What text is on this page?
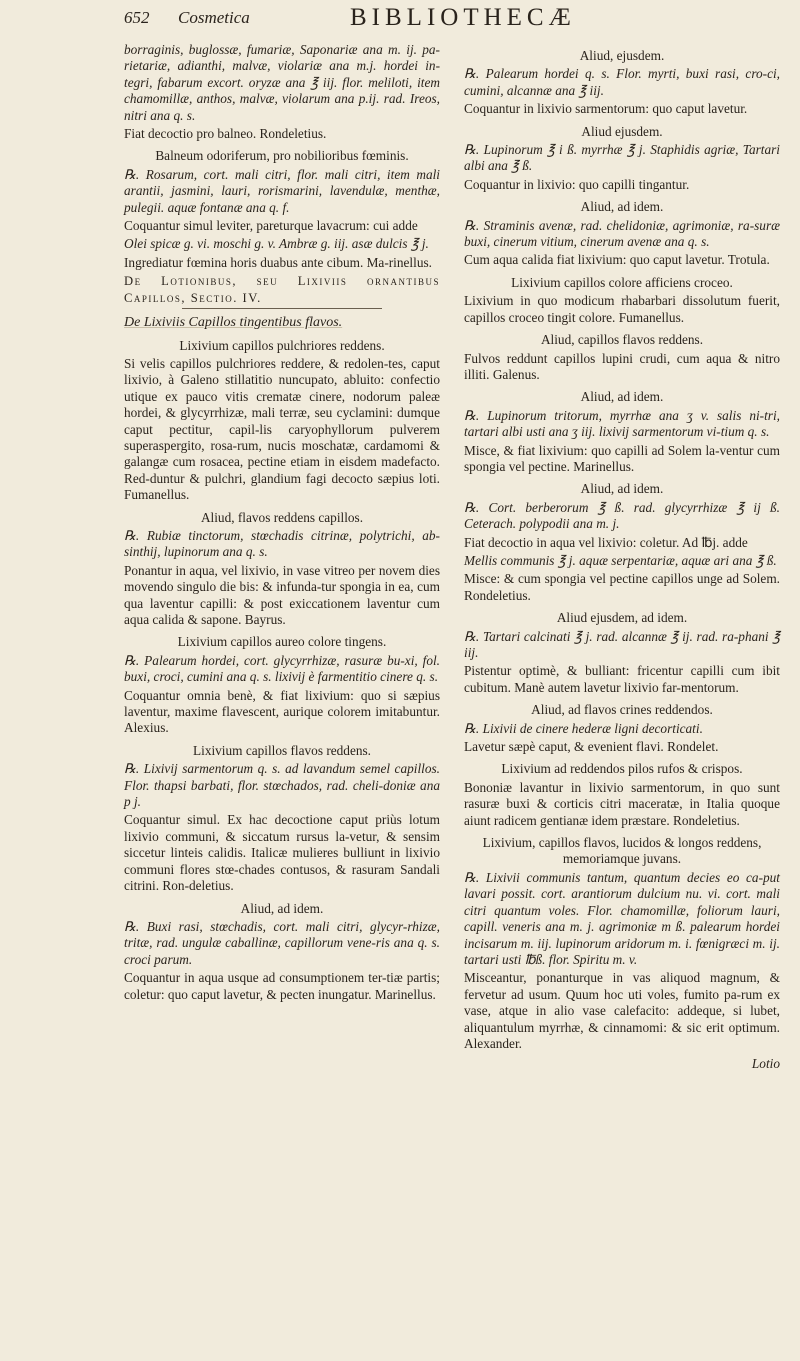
652 Cosmetica	BIBLIOTHECÆ

borraginis, buglossæ, fumariæ, Saponariæ ana m. ij. pa-rietariæ, adianthi, malvæ, violariæ ana m.j. hordei in-tegri, fabarum excort. oryzæ ana ℥ iij. flor. meliloti, item chamomillæ, anthos, malvæ, violarum ana p.ij. rad. Ireos, nitri ana q. s.

Fiat decoctio pro balneo. Rondeletius.

Balneum odoriferum, pro nobilioribus fœminis.

℞. Rosarum, cort. mali citri, flor. mali citri, item mali arantii, jasmini, lauri, rorismarini, lavendulæ, menthæ, pulegii. aquæ fontanæ ana q. f.

Coquantur simul leviter, pareturque lavacrum: cui adde

Olei spicæ g. vi. moschi g. v. Ambræ g. iij. asæ dulcis ℥ j.

Ingrediatur fœmina horis duabus ante cibum. Ma-rinellus.

De Lotionibus, seu Lixiviis ornantibus Capillos, Sectio. IV.

De Lixiviis Capillos tingentibus flavos.

Lixivium capillos pulchriores reddens.

Si velis capillos pulchriores reddere, & redolen-tes, caput lixivio, à Galeno stillatitio nuncupato, abluito: confectio utique ex pauco vitis crematæ cinere, nodorum paleæ hordei, & glycyrrhizæ, mali terræ, seu cyclamini: dumque caput pectitur, capil-lis caryophyllorum pulverem superaspergito, rosa-rum, nucis moschatæ, cardamomi & galangæ cum rosacea, pectine etiam in eisdem madefacto. Red-duntur & pulchri, glandium fagi decocto sæpius loti. Fumanellus.

Aliud, flavos reddens capillos.

℞. Rubiæ tinctorum, stœchadis citrinæ, polytrichi, ab-sinthij, lupinorum ana q. s.

Ponantur in aqua, vel lixivio, in vase vitreo per novem dies movendo singulo die bis: & infunda-tur spongia in ea, cum qua laventur capilli: & post exiccationem laventur cum aqua calida & sapone. Bayrus.

Lixivium capillos aureo colore tingens.

℞. Palearum hordei, cort. glycyrrhizæ, rasuræ bu-xi, fol. buxi, croci, cumini ana q. s. lixivij è farmentitio cinere q. s.

Coquantur omnia benè, & fiat lixivium: quo si sæpius laventur, maxime flavescent, aurique colorem imitabuntur. Alexius.

Lixivium capillos flavos reddens.

℞. Lixivij sarmentorum q. s. ad lavandum semel capillos. Flor. thapsi barbati, flor. stœchados, rad. cheli-doniæ ana p j.

Coquantur simul. Ex hac decoctione caput priùs lotum lixivio communi, & siccatum rursus la-vetur, & sensim siccetur linteis calidis. Italicæ mulieres bulliunt in lixivio communi flores stœ-chades contusos, & rasuram Sandali citrini. Ron-deletius.

Aliud, ad idem.

℞. Buxi rasi, stœchadis, cort. mali citri, glycyr-rhizæ, tritæ, rad. ungulæ caballinæ, capillorum vene-ris ana q. s. croci parum.

Coquantur in aqua usque ad consumptionem ter-tiæ partis; coletur: quo caput lavetur, & pecten inungatur. Marinellus.

Aliud, ejusdem.

℞. Palearum hordei q. s. Flor. myrti, buxi rasi, cro-ci, cumini, alcannæ ana ℥ iij.

Coquantur in lixivio sarmentorum: quo caput lavetur.

Aliud ejusdem.

℞. Lupinorum ℥ i ß. myrrhæ ℥ j. Staphidis agriæ, Tartari albi ana ℥ ß.

Coquantur in lixivio: quo capilli tingantur.

Aliud, ad idem.

℞. Straminis avenæ, rad. chelidoniæ, agrimoniæ, ra-suræ buxi, cinerum vitium, cinerum avenæ ana q. s.

Cum aqua calida fiat lixivium: quo caput lavetur. Trotula.

Lixivium capillos colore afficiens croceo.

Lixivium in quo modicum rhabarbari dissolutum fuerit, capillos croceo tingit colore. Fumanellus.

Aliud, capillos flavos reddens.

Fulvos reddunt capillos lupini crudi, cum aqua & nitro illiti. Galenus.

Aliud, ad idem.

℞. Lupinorum tritorum, myrrhæ ana ʒ v. salis ni-tri, tartari albi usti ana ʒ iij. lixivij sarmentorum vi-tium q. s.

Misce, & fiat lixivium: quo capilli ad Solem la-ventur cum spongia vel pectine. Marinellus.

Aliud, ad idem.

℞. Cort. berberorum ℥ ß. rad. glycyrrhizæ ℥ ij ß. Ceterach. polypodii ana m. j.

Fiat decoctio in aqua vel lixivio: coletur. Ad ℔j. adde

Mellis communis ℥ j. aquæ serpentariæ, aquæ ari ana ℥ ß.

Misce: & cum spongia vel pectine capillos unge ad Solem. Rondeletius.

Aliud ejusdem, ad idem.

℞. Tartari calcinati ℥ j. rad. alcannæ ℥ ij. rad. ra-phani ℥ iij.

Pistentur optimè, & bulliant: fricentur capilli cum ibit cubitum. Manè autem lavetur lixivio far-mentorum.

Aliud, ad flavos crines reddendos.

℞. Lixivii de cinere hederæ ligni decorticati.

Lavetur sæpè caput, & evenient flavi. Rondelet.

Lixivium ad reddendos pilos rufos & crispos.

Bononiæ lavantur in lixivio sarmentorum, in quo sunt rasuræ buxi & corticis citri maceratæ, in Italia quoque aiunt radicem gentianæ idem præstare. Rondeletius.

Lixivium, capillos flavos, lucidos & longos reddens, memoriamque juvans.

℞. Lixivii communis tantum, quantum decies eo ca-put lavari possit. cort. arantiorum dulcium nu. vi. cort. mali citri quantum voles. Flor. chamomillæ, foliorum lauri, capill. veneris ana m. j. agrimoniæ m ß. palearum hordei incisarum m. iij. lupinorum aridorum m. i. fœnigræci m. ij. tartari usti ℔ß. flor. Spiritu m. v.

Misceantur, ponanturque in vas aliquod magnum, & fervetur ad usum. Quum hoc uti voles, fumito pa-rum ex vase, atque in alio vase calefacito: addeque, si lubet, aliquantulum myrrhæ, & cinnamomi: & sic erit optimum. Alexander.

Lotio
